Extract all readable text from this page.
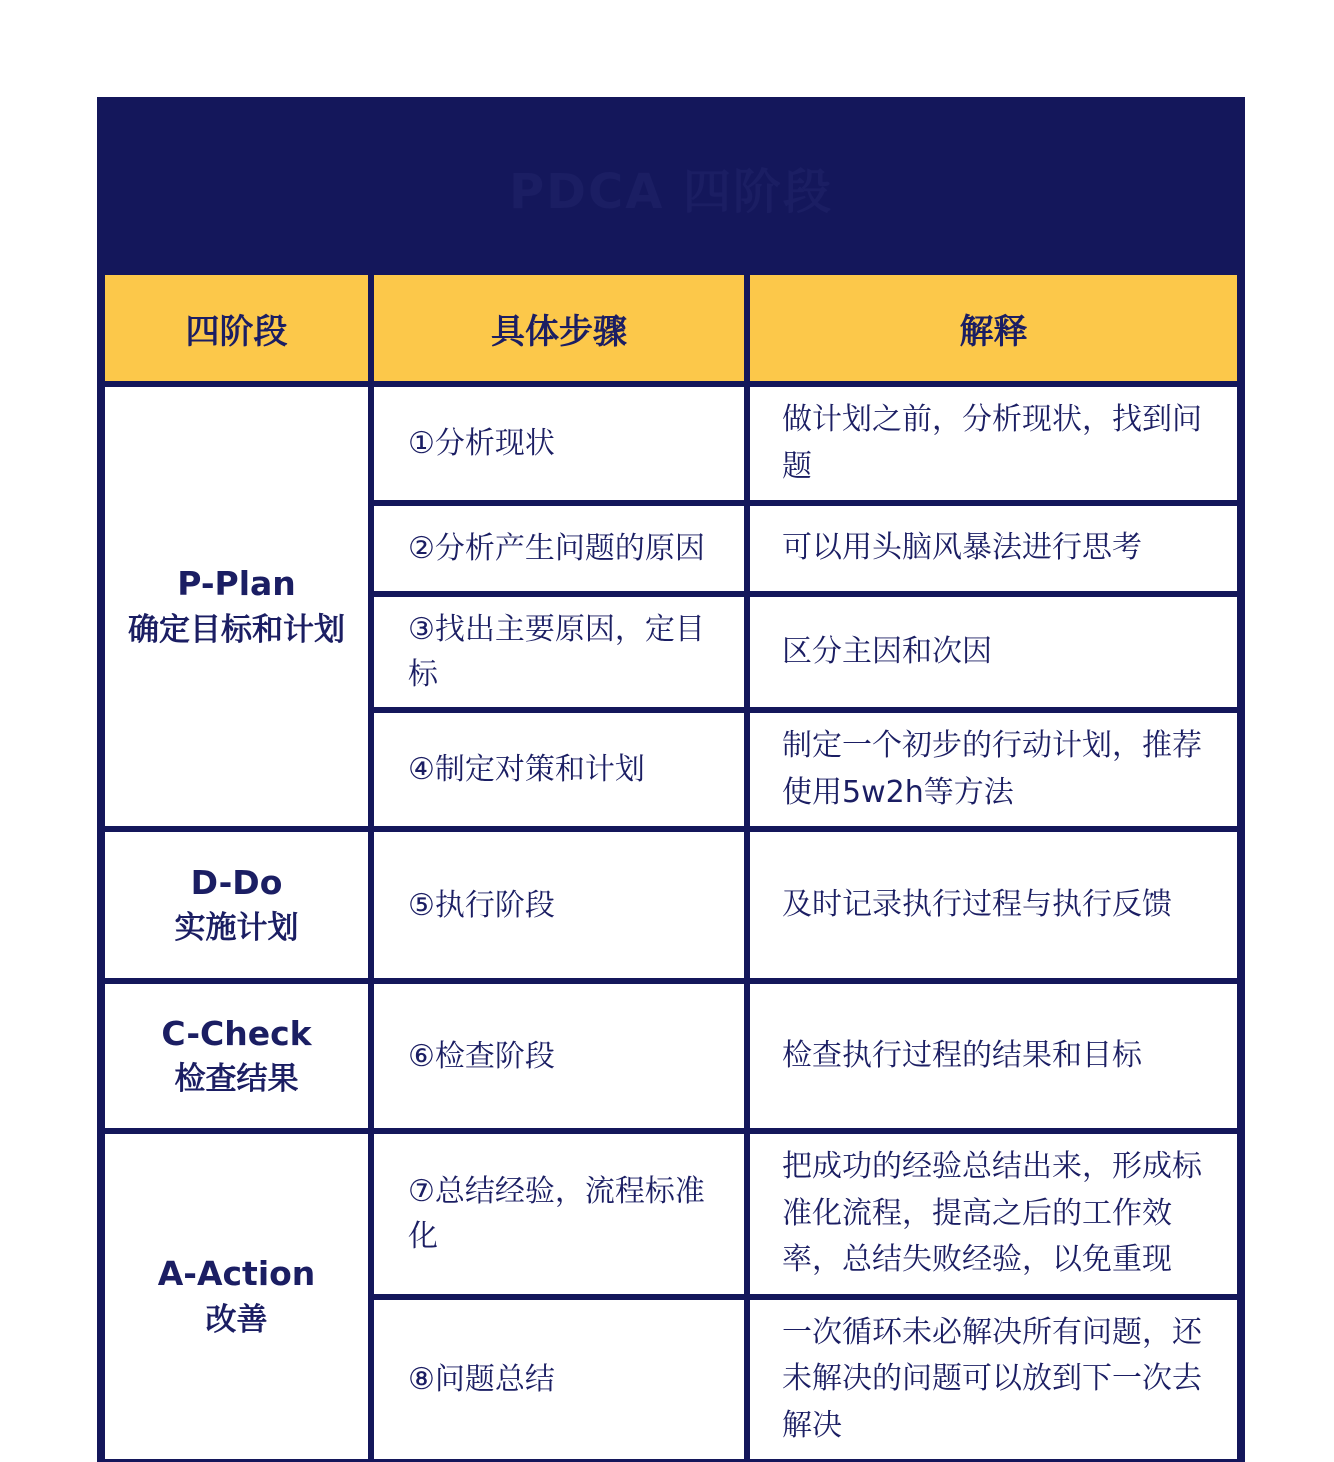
PDCA 四阶段		
四阶段	具体步骤	解释

P-Plan
确定目标和计划	①分析现状	做计划之前，分析现状，找到问题
	②分析产生问题的原因	可以用头脑风暴法进行思考
	③找出主要原因，定目标	区分主因和次因
	④制定对策和计划	制定一个初步的行动计划，推荐使用5w2h等方法

D-Do
实施计划	⑤执行阶段	及时记录执行过程与执行反馈

C-Check
检查结果	⑥检查阶段	检查执行过程的结果和目标

A-Action
改善	⑦总结经验，流程标准化	把成功的经验总结出来，形成标准化流程，提高之后的工作效率，总结失败经验，以免重现
	⑧问题总结	一次循环未必解决所有问题，还未解决的问题可以放到下一次去解决
